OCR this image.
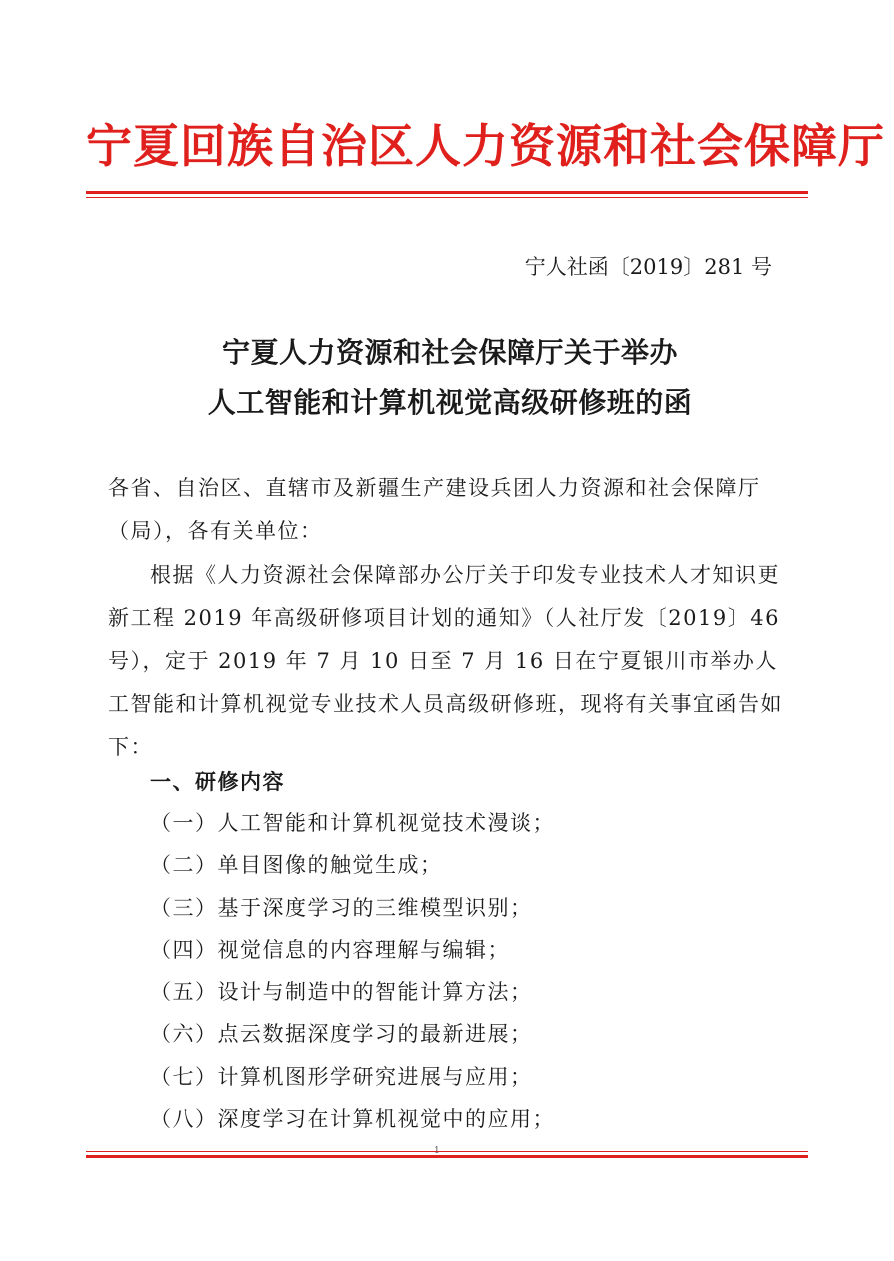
宁夏回族自治区人力资源和社会保障厅
宁人社函〔2019〕281 号
宁夏人力资源和社会保障厅关于举办
人工智能和计算机视觉高级研修班的函
各省、自治区、直辖市及新疆生产建设兵团人力资源和社会保障厅（局），各有关单位：
根据《人力资源社会保障部办公厅关于印发专业技术人才知识更新工程 2019 年高级研修项目计划的通知》（人社厅发〔2019〕46 号），定于 2019 年 7 月 10 日至 7 月 16 日在宁夏银川市举办人工智能和计算机视觉专业技术人员高级研修班，现将有关事宜函告如下：
一、研修内容
（一）人工智能和计算机视觉技术漫谈；
（二）单目图像的触觉生成；
（三）基于深度学习的三维模型识别；
（四）视觉信息的内容理解与编辑；
（五）设计与制造中的智能计算方法；
（六）点云数据深度学习的最新进展；
（七）计算机图形学研究进展与应用；
（八）深度学习在计算机视觉中的应用；
